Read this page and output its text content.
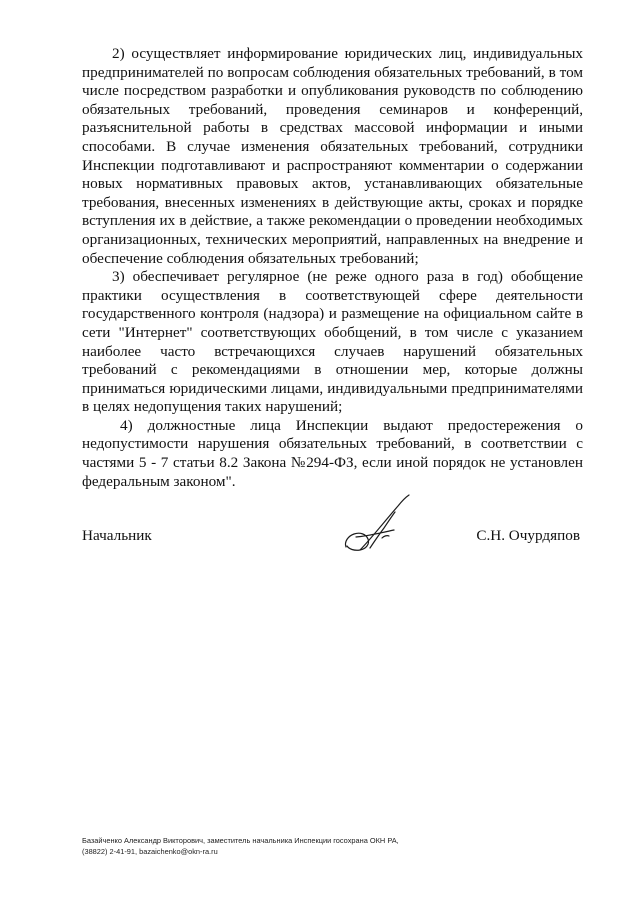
2) осуществляет информирование юридических лиц, индивидуальных предпринимателей по вопросам соблюдения обязательных требований, в том числе посредством разработки и опубликования руководств по соблюдению обязательных требований, проведения семинаров и конференций, разъяснительной работы в средствах массовой информации и иными способами. В случае изменения обязательных требований, сотрудники Инспекции подготавливают и распространяют комментарии о содержании новых нормативных правовых актов, устанавливающих обязательные требования, внесенных изменениях в действующие акты, сроках и порядке вступления их в действие, а также рекомендации о проведении необходимых организационных, технических мероприятий, направленных на внедрение и обеспечение соблюдения обязательных требований;

3) обеспечивает регулярное (не реже одного раза в год) обобщение практики осуществления в соответствующей сфере деятельности государственного контроля (надзора) и размещение на официальном сайте в сети "Интернет" соответствующих обобщений, в том числе с указанием наиболее часто встречающихся случаев нарушений обязательных требований с рекомендациями в отношении мер, которые должны приниматься юридическими лицами, индивидуальными предпринимателями в целях недопущения таких нарушений;

4) должностные лица Инспекции выдают предостережения о недопустимости нарушения обязательных требований, в соответствии с частями 5 - 7 статьи 8.2 Закона №294-ФЗ, если иной порядок не установлен федеральным законом".

Начальник	С.Н. Очурдяпов
Базайченко Александр Викторович, заместитель начальника Инспекции госохрана ОКН РА,
(38822) 2-41-91, bazaichenko@okn-ra.ru
